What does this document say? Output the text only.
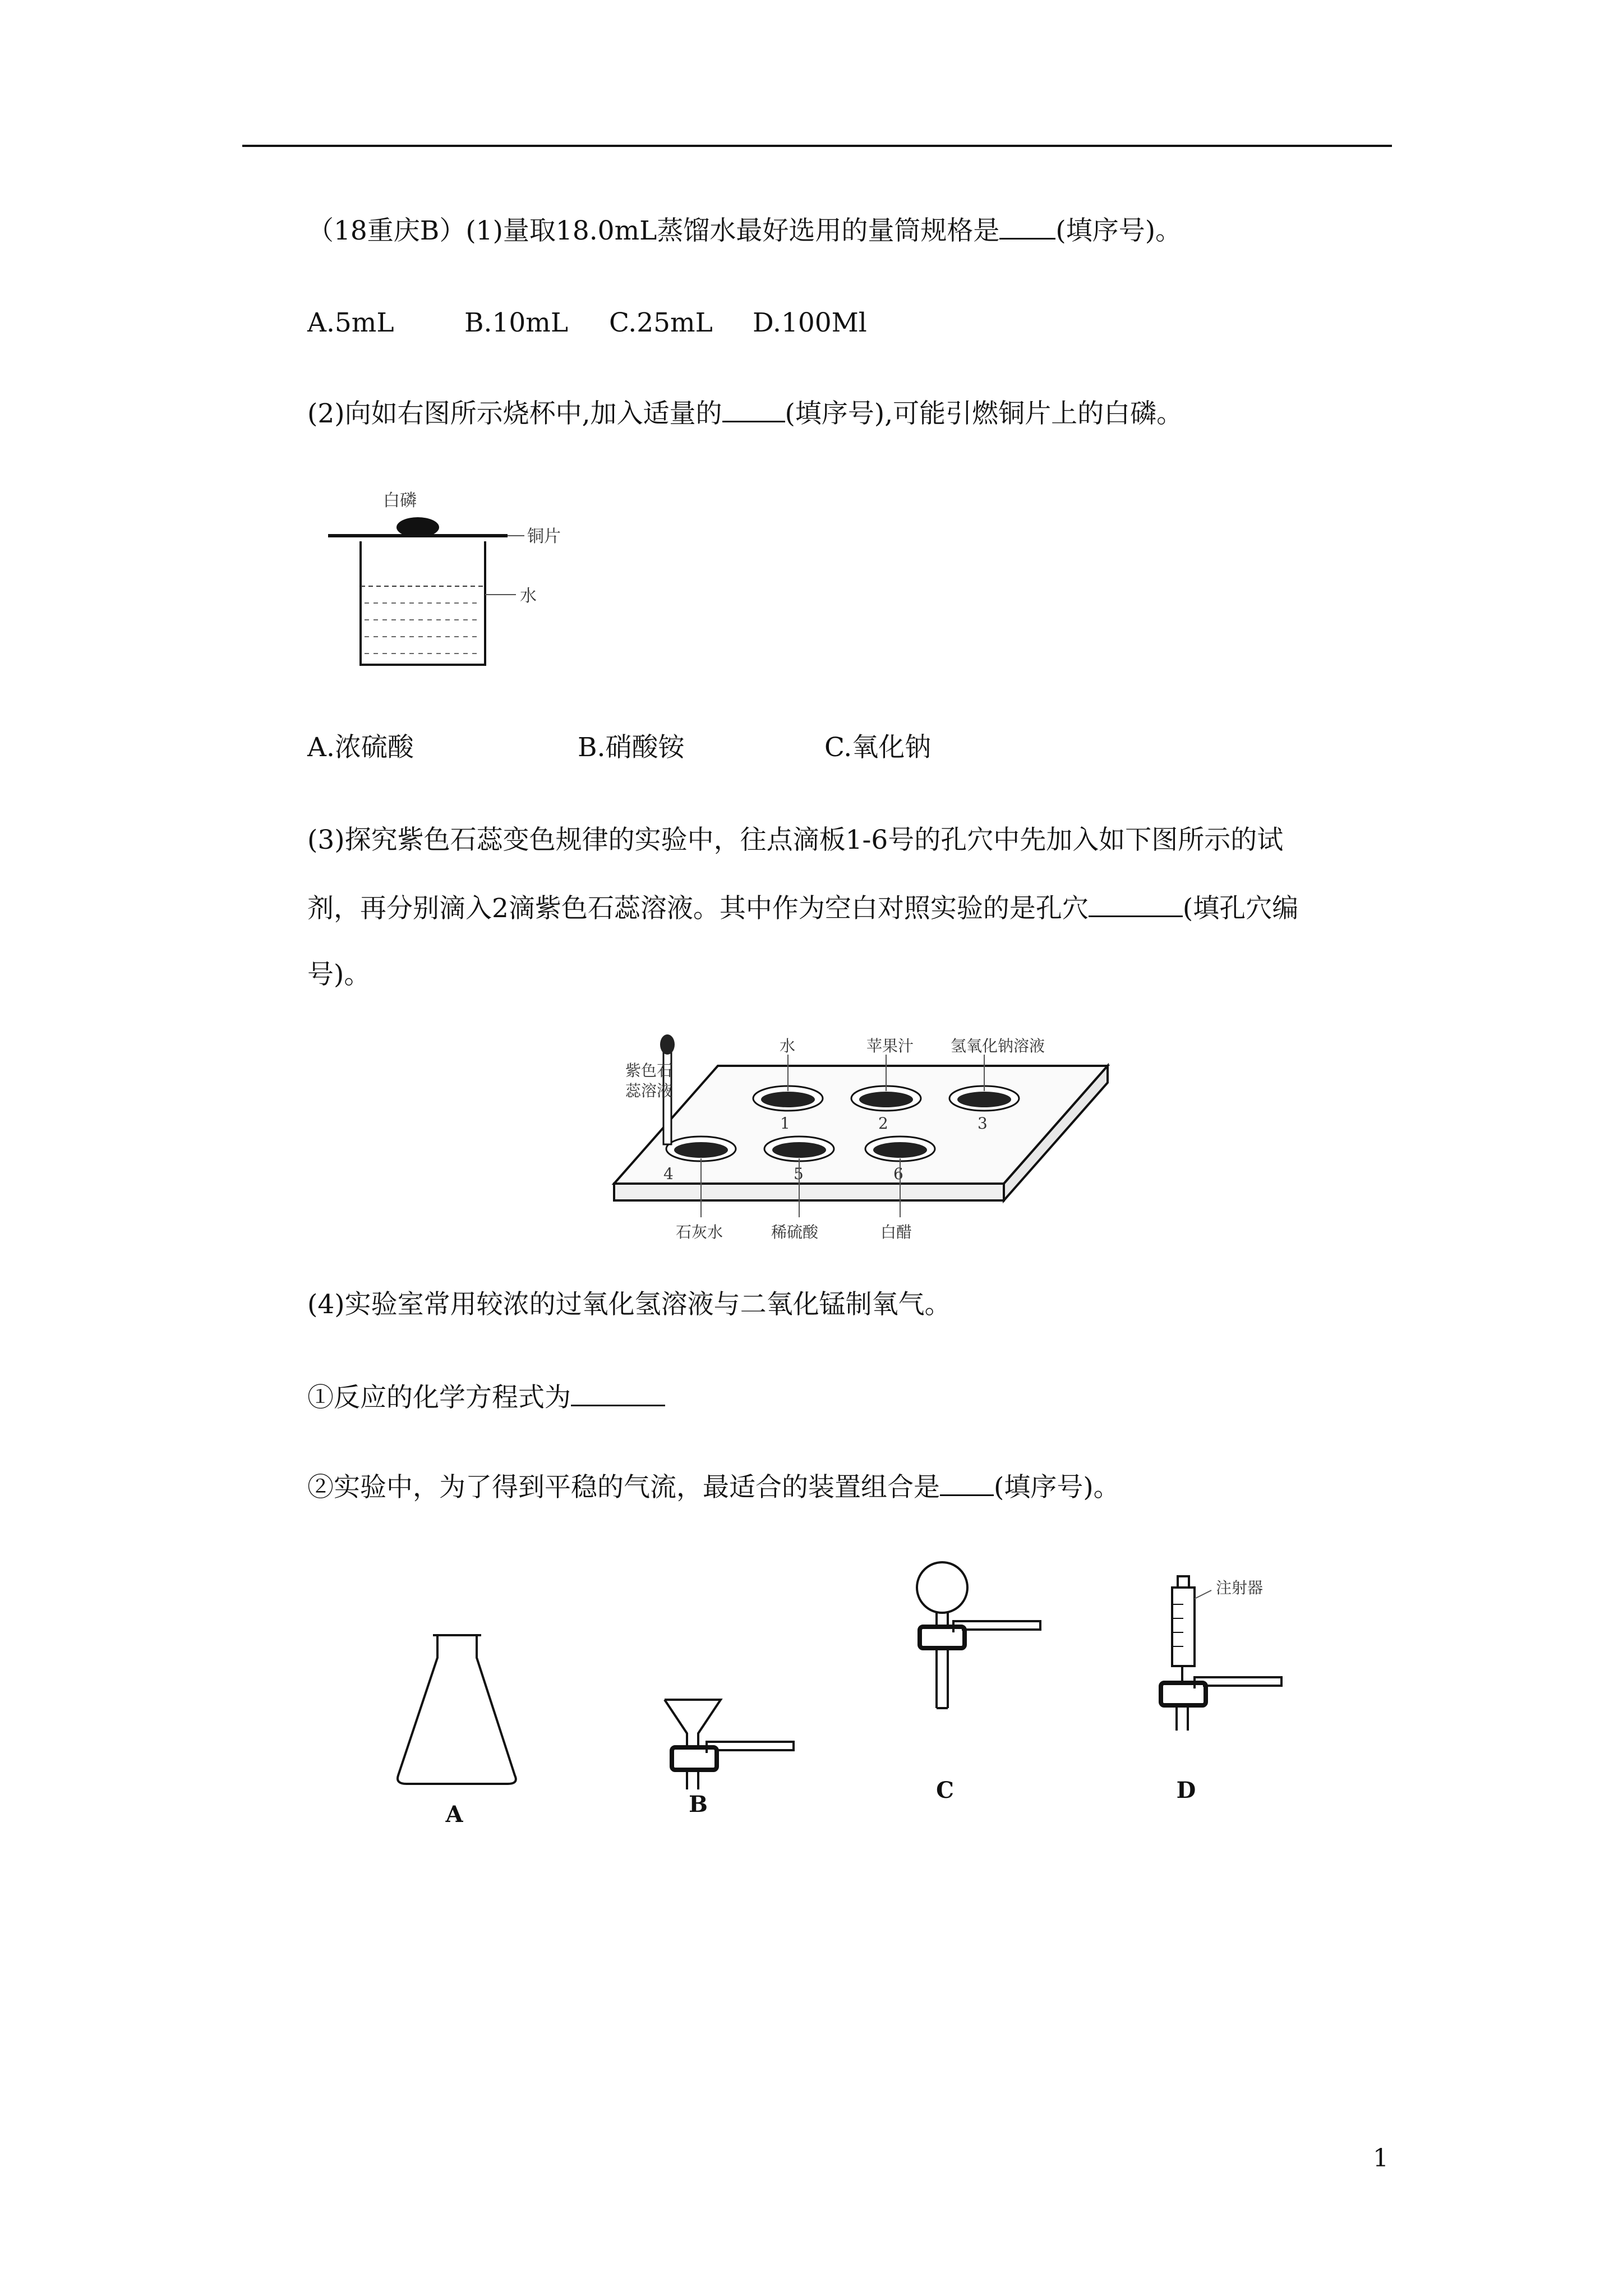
（18重庆B）(1)量取18.0mL蒸馏水最好选用的量筒规格是 (填序号)。
A.5mL	B.10mL C.25mL D.100Ml
(2)向如右图所示烧杯中,加入适量的 (填序号),可能引燃铜片上的白磷。
白磷
铜片
水
A.浓硫酸	B.硝酸铵	C.氧化钠
(3)探究紫色石蕊变色规律的实验中，往点滴板1-6号的孔穴中先加入如下图所示的试
剂，再分别滴入2滴紫色石蕊溶液。其中作为空白对照实验的是孔穴	(填孔穴编
号)。
1	2	3
4	5	6
紫色石
蕊溶液
水	苹果汁 氢氧化钠溶液
石灰水	稀硫酸	白醋
(4)实验室常用较浓的过氧化氢溶液与二氧化锰制氧气。
①反应的化学方程式为
②实验中，为了得到平稳的气流，最适合的装置组合是 (填序号)。
A	B
C
注射器
D
1
